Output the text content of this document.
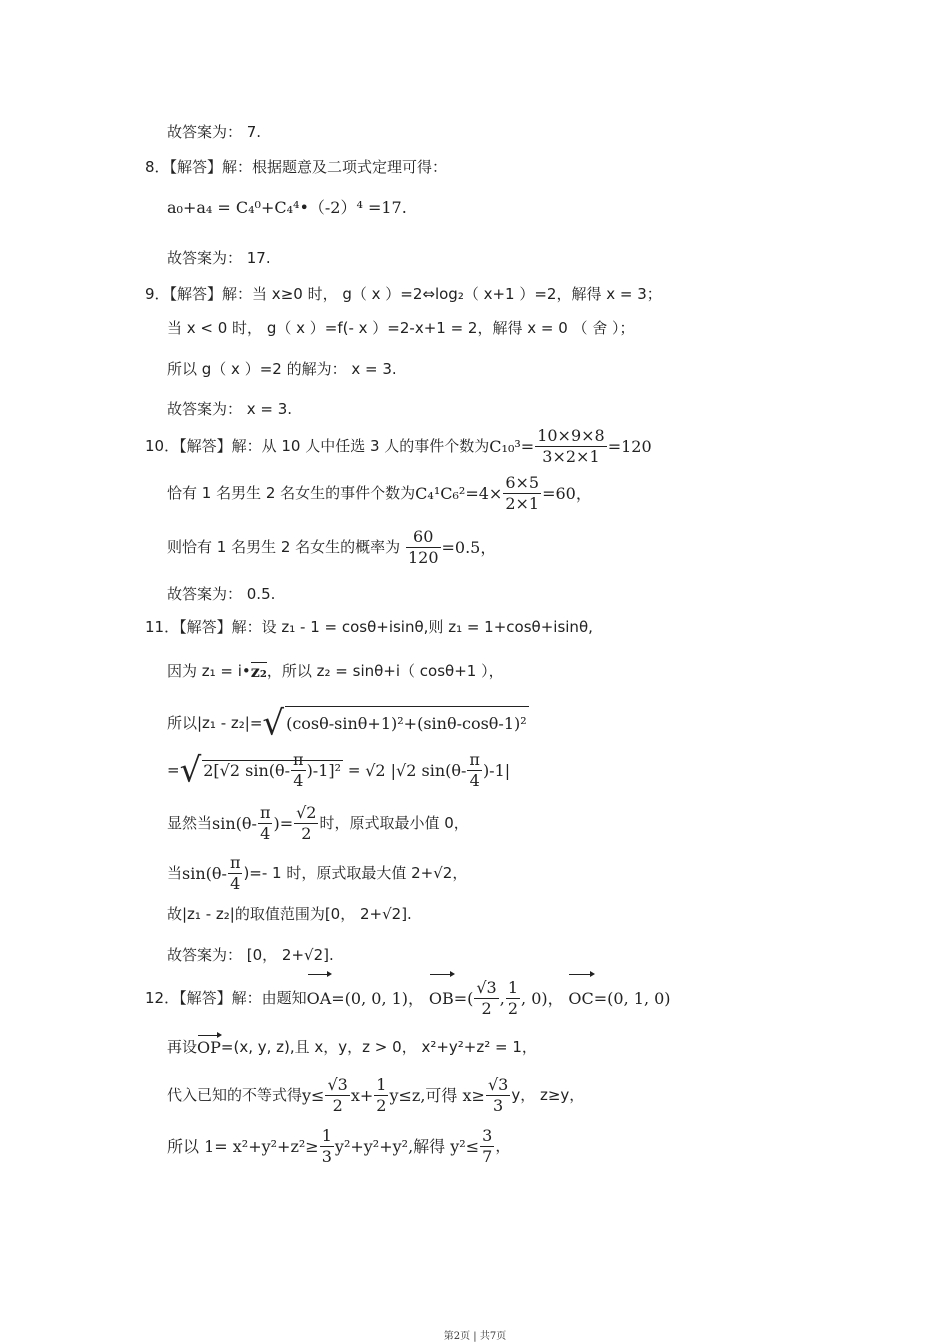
故答案为： 7.
8．【解答】解：根据题意及二项式定理可得：
a₀+a₄ = C₄⁰+C₄⁴•（-2）⁴ =17.
故答案为： 17.
9．【解答】解：当 x≥0 时， g（ x ）=2⇔log₂（ x+1 ）=2，解得 x = 3；
当 x < 0 时， g（ x ）=f(- x ）=2-x+1 = 2，解得 x = 0 （ 舍 ）；
所以 g（ x ）=2 的解为： x = 3.
故答案为： x = 3.
10．【解答】解：从 10 人中任选 3 人的事件个数为$C_{10}^3= \frac{10\times 9\times 8}{3\times 2\times 1} =120$
恰有 1 名男生 2 名女生的事件个数为$C_4^1C_6^2=4\times \frac{6\times 5}{2\times 1} =60$，
则恰有 1 名男生 2 名女生的概率为 $\frac{60}{120} =0.5$，
故答案为： 0.5.
11．【解答】解：设 z₁ - 1 = cosθ+isinθ,则 z₁ = 1+cosθ+isinθ,
因为 z₁ = i•z₂，所以 z₂ = sinθ+i（ cosθ+1 ），
所以|z₁ - z₂|=√ (cosθ-sinθ+1)²+(sinθ-cosθ-1)²
=√ 2[√2 $\sin(\theta- \frac{\pi}{4} )-1]^2 = √2$ |√2 $\sin(\theta- \frac{\pi}{4} )-1|$
显然当$\sin(\theta- \frac{\pi}{4}$ )= $\frac{√2}{2}$ 时，原式取最小值 0，
当$\sin(\theta- \frac{\pi}{4}$ )=- 1 时，原式取最大值 2+√2，
故|z₁ - z₂|的取值范围为[0， 2+√2].
故答案为： [0， 2+√2].
12．【解答】解：由题知OA=(0, 0, 1)， $OB=( \frac{√3}{2}$ , $\frac{1}{2}$ , 0)， OC=(0, 1, 0)
再设OP=(x, y, z),且 x，y，z > 0， x²+y²+z² = 1，
代入已知的不等式得$y\le \frac{√3}{2} x+ \frac{1}{2} y\le z$,可得 $x\ge \frac{√3}{3}$ y， z≥y，
所以 $1= x^2+y^2+z^2\ge \frac{1}{3} y^2+y^2+y^2$,解得 $y^2\le \frac{3}{7}$ ，
第2页 | 共7页
